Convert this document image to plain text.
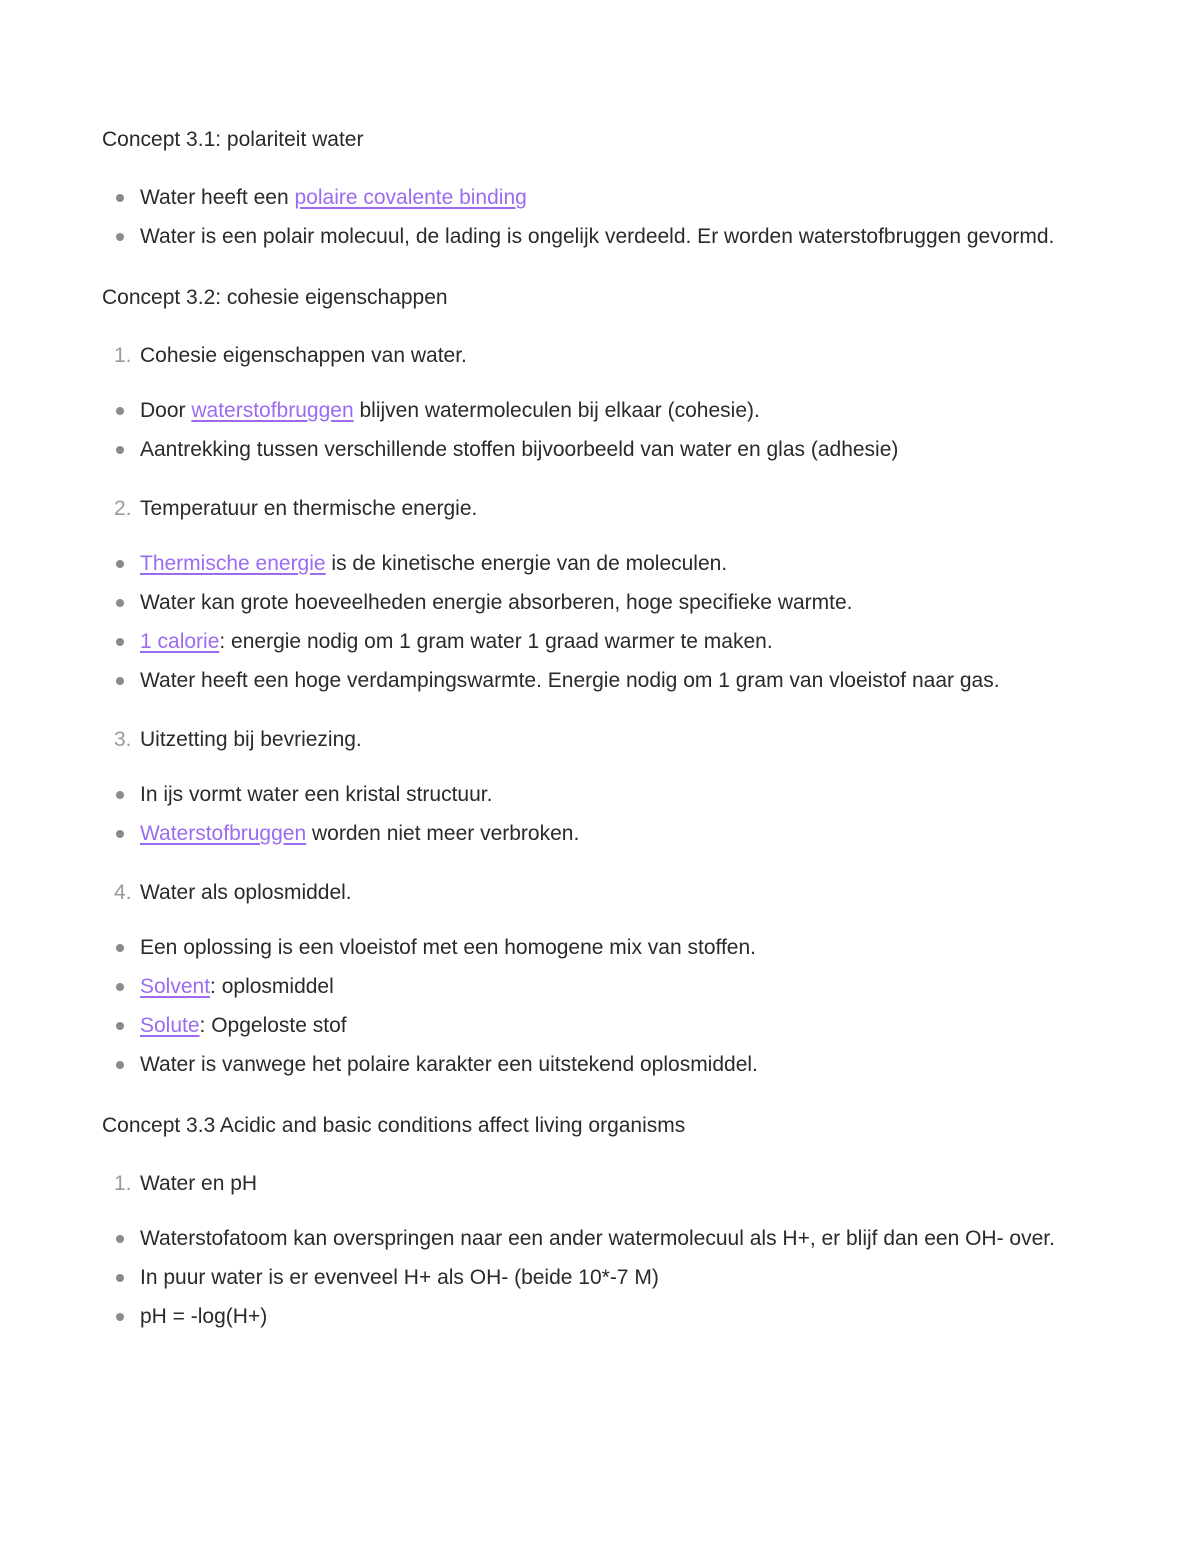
Concept 3.1: polariteit water

Water heeft een polaire covalente binding
Water is een polair molecuul, de lading is ongelijk verdeeld. Er worden waterstofbruggen gevormd.

Concept 3.2: cohesie eigenschappen

1. Cohesie eigenschappen van water.

Door waterstofbruggen blijven watermoleculen bij elkaar (cohesie).
Aantrekking tussen verschillende stoffen bijvoorbeeld van water en glas (adhesie)

2. Temperatuur en thermische energie.

Thermische energie is de kinetische energie van de moleculen.
Water kan grote hoeveelheden energie absorberen, hoge specifieke warmte.
1 calorie: energie nodig om 1 gram water 1 graad warmer te maken.
Water heeft een hoge verdampingswarmte. Energie nodig om 1 gram van vloeistof naar gas.

3. Uitzetting bij bevriezing.

In ijs vormt water een kristal structuur.
Waterstofbruggen worden niet meer verbroken.

4. Water als oplosmiddel.

Een oplossing is een vloeistof met een homogene mix van stoffen.
Solvent: oplosmiddel
Solute: Opgeloste stof
Water is vanwege het polaire karakter een uitstekend oplosmiddel.

Concept 3.3 Acidic and basic conditions affect living organisms

1. Water en pH

Waterstofatoom kan overspringen naar een ander watermolecuul als H+, er blijf dan een OH- over.
In puur water is er evenveel H+ als OH- (beide 10*-7 M)
pH = -log(H+)
